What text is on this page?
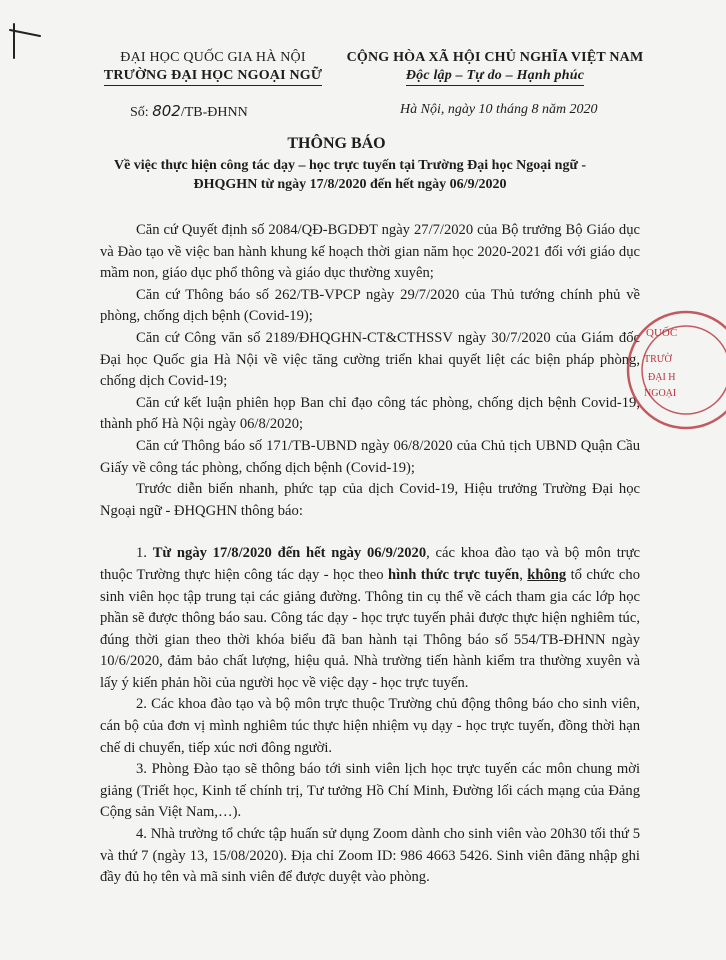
ĐẠI HỌC QUỐC GIA HÀ NỘI
TRƯỜNG ĐẠI HỌC NGOẠI NGỮ
CỘNG HÒA XÃ HỘI CHỦ NGHĨA VIỆT NAM
Độc lập – Tự do – Hạnh phúc
Số: 802/TB-ĐHNN	Hà Nội, ngày 10 tháng 8 năm 2020
THÔNG BÁO
Về việc thực hiện công tác dạy – học trực tuyến tại Trường Đại học Ngoại ngữ -
ĐHQGHN từ ngày 17/8/2020 đến hết ngày 06/9/2020

Căn cứ Quyết định số 2084/QĐ-BGDĐT ngày 27/7/2020 của Bộ trưởng Bộ Giáo dục và Đào tạo về việc ban hành khung kế hoạch thời gian năm học 2020-2021 đối với giáo dục mầm non, giáo dục phổ thông và giáo dục thường xuyên;

Căn cứ Thông báo số 262/TB-VPCP ngày 29/7/2020 của Thủ tướng chính phủ về phòng, chống dịch bệnh (Covid-19);

Căn cứ Công văn số 2189/ĐHQGHN-CT&CTHSSV ngày 30/7/2020 của Giám đốc Đại học Quốc gia Hà Nội về việc tăng cường triển khai quyết liệt các biện pháp phòng, chống dịch Covid-19;

Căn cứ kết luận phiên họp Ban chỉ đạo công tác phòng, chống dịch bệnh Covid-19, thành phố Hà Nội ngày 06/8/2020;

Căn cứ Thông báo số 171/TB-UBND ngày 06/8/2020 của Chủ tịch UBND Quận Cầu Giấy về công tác phòng, chống dịch bệnh (Covid-19);

Trước diễn biến nhanh, phức tạp của dịch Covid-19, Hiệu trưởng Trường Đại học Ngoại ngữ - ĐHQGHN thông báo:

1. Từ ngày 17/8/2020 đến hết ngày 06/9/2020, các khoa đào tạo và bộ môn trực thuộc Trường thực hiện công tác dạy - học theo hình thức trực tuyến, không tổ chức cho sinh viên học tập trung tại các giảng đường. Thông tin cụ thể về cách tham gia các lớp học phần sẽ được thông báo sau. Công tác dạy - học trực tuyến phải được thực hiện nghiêm túc, đúng thời gian theo thời khóa biểu đã ban hành tại Thông báo số 554/TB-ĐHNN ngày 10/6/2020, đảm bảo chất lượng, hiệu quả. Nhà trường tiến hành kiểm tra thường xuyên và lấy ý kiến phản hồi của người học về việc dạy - học trực tuyến.

2. Các khoa đào tạo và bộ môn trực thuộc Trường chủ động thông báo cho sinh viên, cán bộ của đơn vị mình nghiêm túc thực hiện nhiệm vụ dạy - học trực tuyến, đồng thời hạn chế di chuyển, tiếp xúc nơi đông người.

3. Phòng Đào tạo sẽ thông báo tới sinh viên lịch học trực tuyến các môn chung mời giảng (Triết học, Kinh tế chính trị, Tư tưởng Hồ Chí Minh, Đường lối cách mạng của Đảng Cộng sản Việt Nam,…).

4. Nhà trường tổ chức tập huấn sử dụng Zoom dành cho sinh viên vào 20h30 tối thứ 5 và thứ 7 (ngày 13, 15/08/2020). Địa chỉ Zoom ID: 986 4663 5426. Sinh viên đăng nhập ghi đầy đủ họ tên và mã sinh viên để được duyệt vào phòng.

QUỐC
TRƯỜ
ĐẠI H
NGOẠI
